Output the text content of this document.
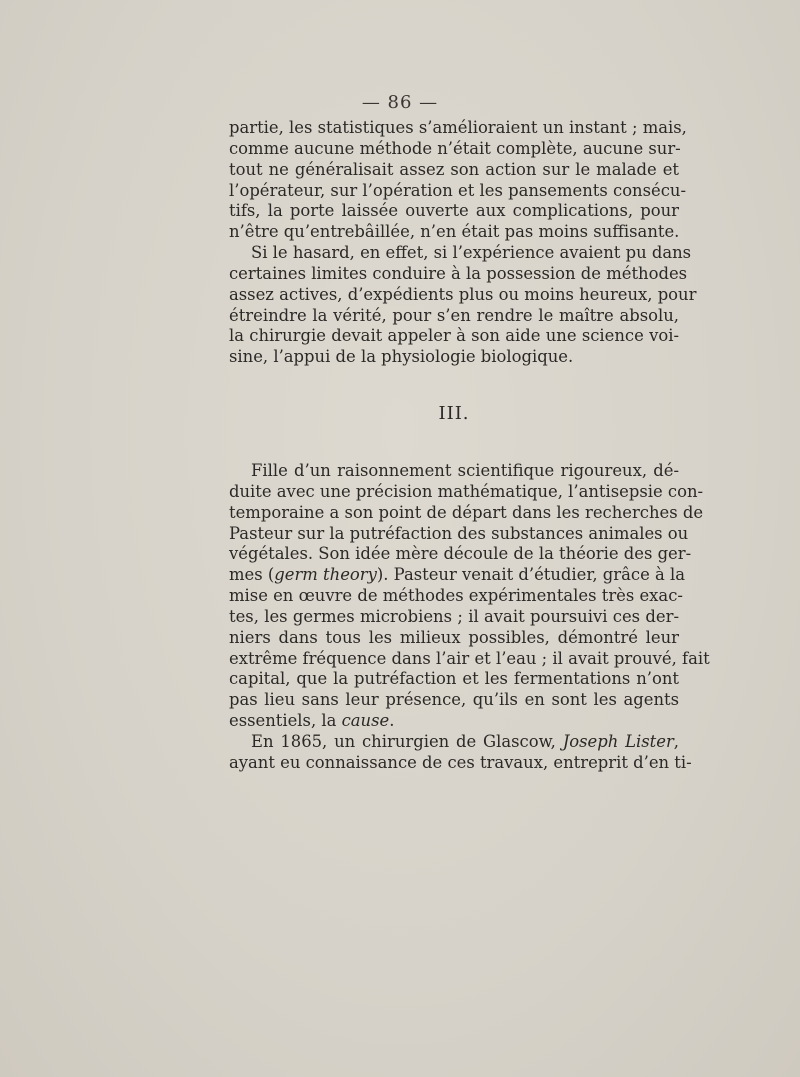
— 86 —
partie, les statistiques s’amélioraient un instant ; mais,
comme aucune méthode n’était complète, aucune sur-
tout ne généralisait assez son action sur le malade et
l’opérateur, sur l’opération et les pansements consécu-
tifs, la porte laissée ouverte aux complications, pour
n’être qu’entrebâillée, n’en était pas moins suffisante.
Si le hasard, en effet, si l’expérience avaient pu dans
certaines limites conduire à la possession de méthodes
assez actives, d’expédients plus ou moins heureux, pour
étreindre la vérité, pour s’en rendre le maître absolu,
la chirurgie devait appeler à son aide une science voi-
sine, l’appui de la physiologie biologique.
III.
Fille d’un raisonnement scientifique rigoureux, dé-
duite avec une précision mathématique, l’antisepsie con-
temporaine a son point de départ dans les recherches de
Pasteur sur la putréfaction des substances animales ou
végétales. Son idée mère découle de la théorie des ger-
mes (germ theory). Pasteur venait d’étudier, grâce à la
mise en œuvre de méthodes expérimentales très exac-
tes, les germes microbiens ; il avait poursuivi ces der-
niers dans tous les milieux possibles, démontré leur
extrême fréquence dans l’air et l’eau ; il avait prouvé, fait
capital, que la putréfaction et les fermentations n’ont
pas lieu sans leur présence, qu’ils en sont les agents
essentiels, la cause.
En 1865, un chirurgien de Glascow, Joseph Lister,
ayant eu connaissance de ces travaux, entreprit d’en ti-
